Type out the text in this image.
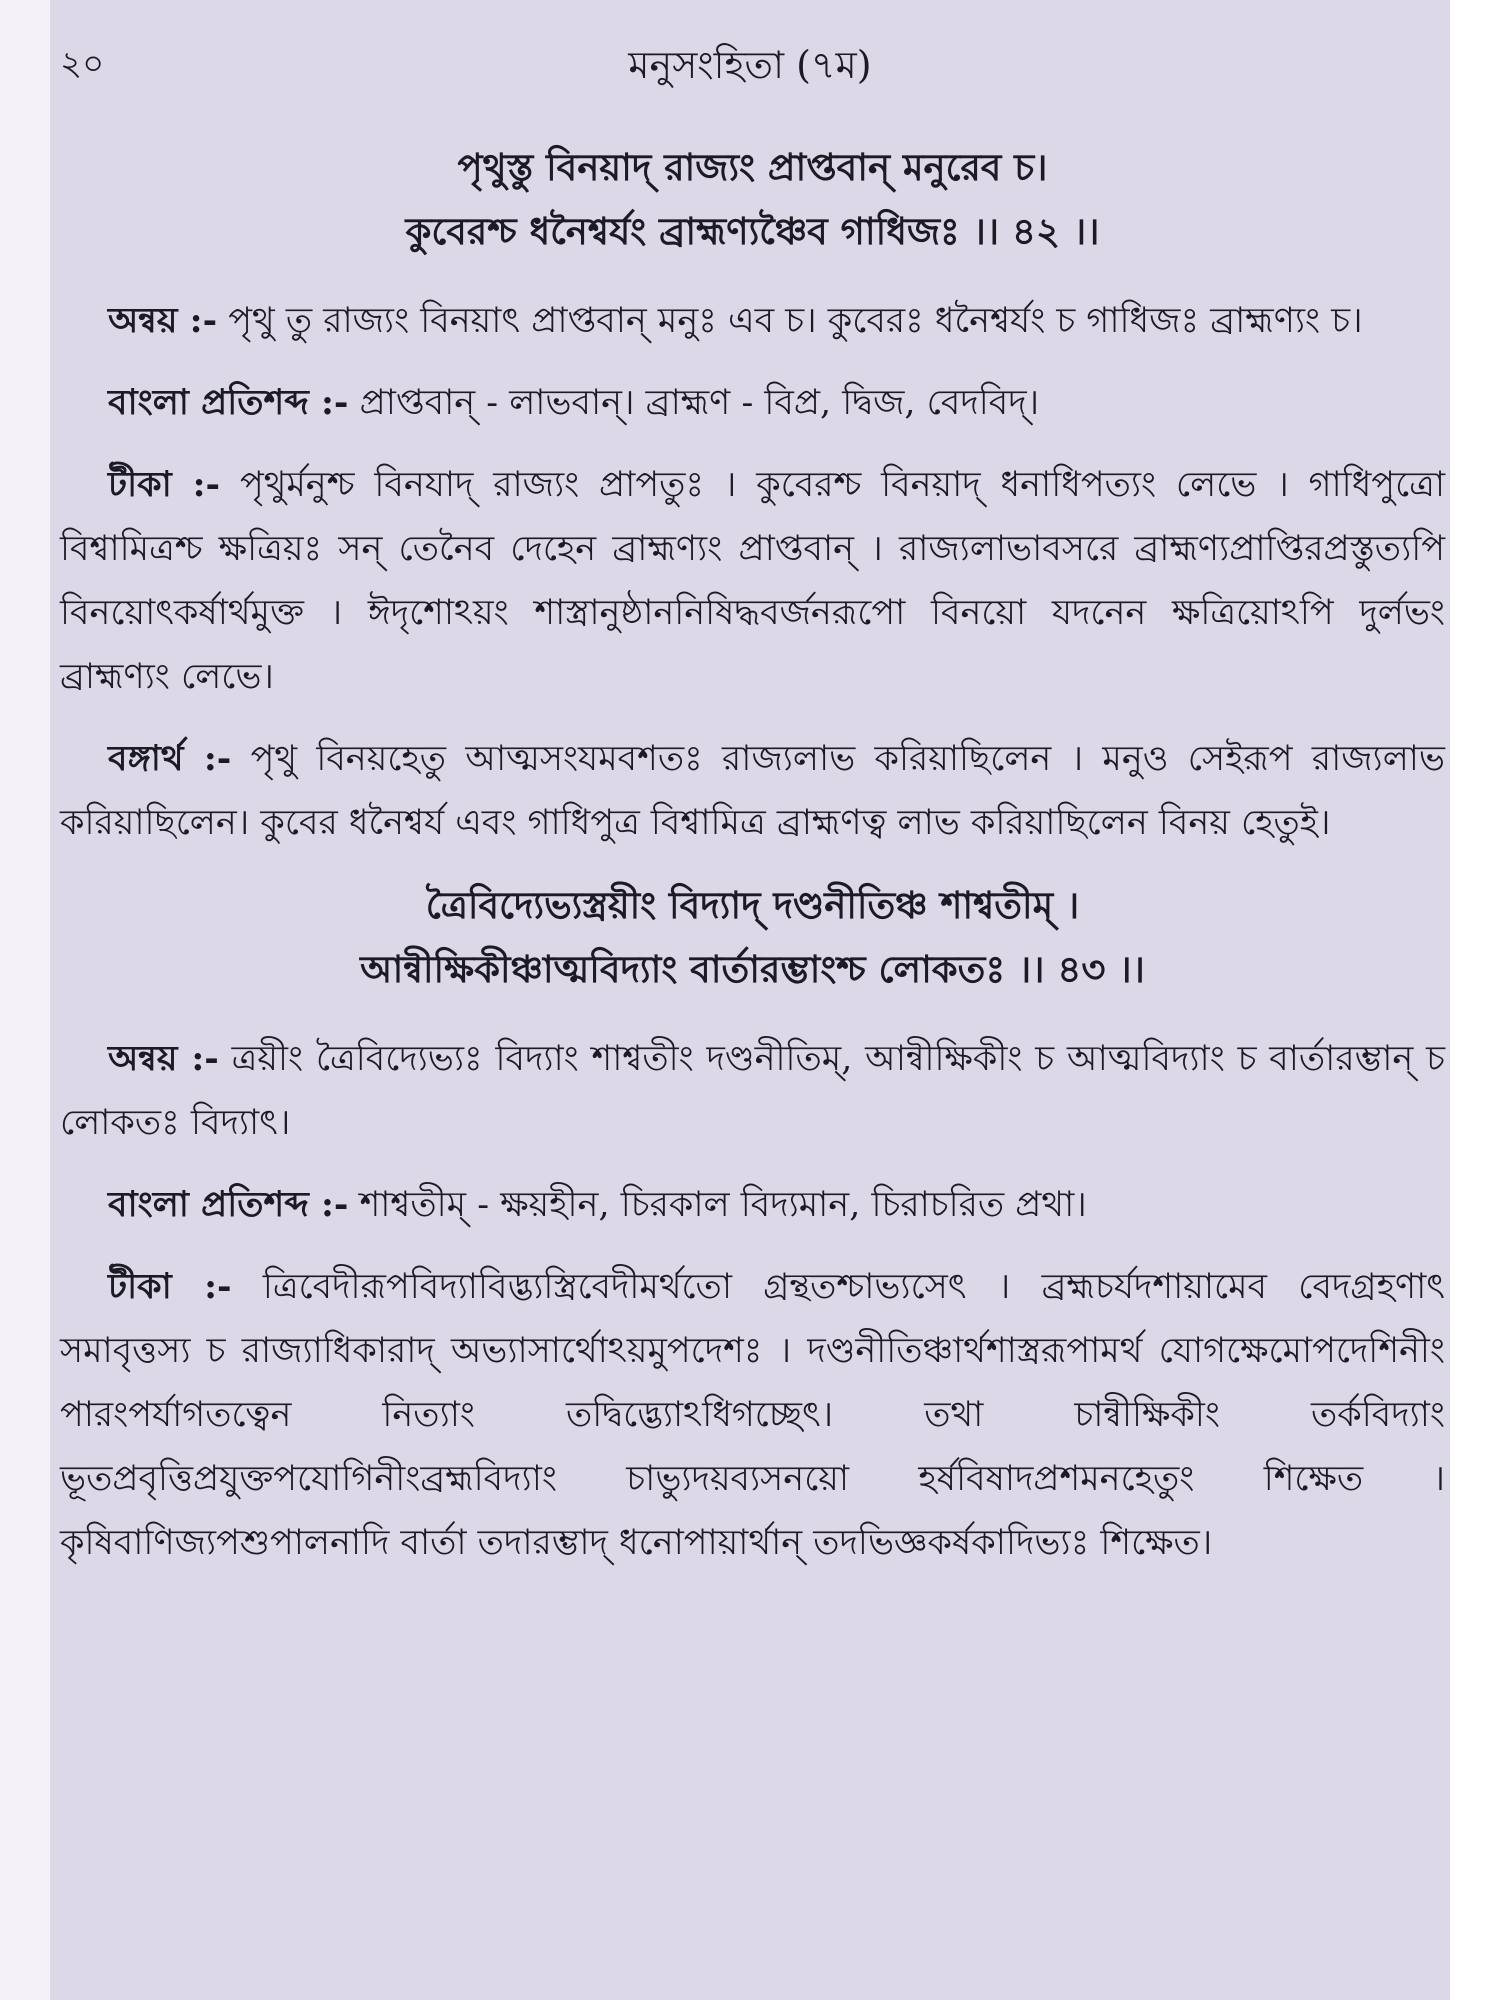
২০	মনুসংহিতা (৭ম)

পৃথুস্তু বিনয়াদ্ রাজ্যং প্রাপ্তবান্ মনুরেব চ।

কুবেরশ্চ ধনৈশ্বর্যং ব্রাহ্মণ্যঞ্চৈব গাধিজঃ ।। ৪২ ।।

অন্বয় :- পৃথু তু রাজ্যং বিনয়াৎ প্রাপ্তবান্ মনুঃ এব চ। কুবেরঃ ধনৈশ্বর্যং চ গাধিজঃ ব্রাহ্মণ্যং চ।

বাংলা প্রতিশব্দ :- প্রাপ্তবান্ - লাভবান্। ব্রাহ্মণ - বিপ্র, দ্বিজ, বেদবিদ্।

টীকা :- পৃথুর্মনুশ্চ বিনযাদ্ রাজ্যং প্রাপতুঃ । কুবেরশ্চ বিনয়াদ্ ধনাধিপত্যং লেভে । গাধিপুত্রো বিশ্বামিত্রশ্চ ক্ষত্রিয়ঃ সন্ তেনৈব দেহেন ব্রাহ্মণ্যং প্রাপ্তবান্ । রাজ্যলাভাবসরে ব্রাহ্মণ্যপ্রাপ্তিরপ্রস্তুত্যপি বিনয়োৎকর্ষার্থমুক্ত । ঈদৃশোঽয়ং শাস্ত্রানুষ্ঠাননিষিদ্ধবর্জনরূপো বিনয়ো যদনেন ক্ষত্রিয়োঽপি দুর্লভং ব্রাহ্মণ্যং লেভে।

বঙ্গার্থ :- পৃথু বিনয়হেতু আত্মসংযমবশতঃ রাজ্যলাভ করিয়াছিলেন । মনুও সেইরূপ রাজ্যলাভ করিয়াছিলেন। কুবের ধনৈশ্বর্য এবং গাধিপুত্র বিশ্বামিত্র ব্রাহ্মণত্ব লাভ করিয়াছিলেন বিনয় হেতুই।

ত্রৈবিদ্যেভ্যস্ত্রয়ীং বিদ্যাদ্ দণ্ডনীতিঞ্চ শাশ্বতীম্ ।

আন্বীক্ষিকীঞ্চাত্মবিদ্যাং বার্তারম্ভাংশ্চ লোকতঃ ।। ৪৩ ।।

অন্বয় :- ত্রয়ীং ত্রৈবিদ্যেভ্যঃ বিদ্যাং শাশ্বতীং দণ্ডনীতিম্, আন্বীক্ষিকীং চ আত্মবিদ্যাং চ বার্তারম্ভান্ চ লোকতঃ বিদ্যাৎ।

বাংলা প্রতিশব্দ :- শাশ্বতীম্ - ক্ষয়হীন, চিরকাল বিদ্যমান, চিরাচরিত প্রথা।

টীকা :- ত্রিবেদীরূপবিদ্যাবিদ্ভ্যস্ত্রিবেদীমর্থতো গ্রন্থতশ্চাভ্যসেৎ । ব্রহ্মচর্যদশায়ামেব বেদগ্রহণাৎ সমাবৃত্তস্য চ রাজ্যাধিকারাদ্ অভ্যাসার্থোঽয়মুপদেশঃ । দণ্ডনীতিঞ্চার্থশাস্ত্ররূপামর্থ যোগক্ষেমোপদেশিনীং পারংপর্যাগতত্বেন নিত্যাং তদ্বিদ্ভ্যোঽধিগচ্ছেৎ। তথা চান্বীক্ষিকীং তর্কবিদ্যাং ভূতপ্রবৃত্তিপ্রযুক্তপযোগিনীংব্রহ্মবিদ্যাং চাভ্যুদয়ব্যসনয়ো হর্ষবিষাদপ্রশমনহেতুং শিক্ষেত । কৃষিবাণিজ্যপশুপালনাদি বার্তা তদারম্ভাদ্ ধনোপায়ার্থান্ তদভিজ্ঞকর্ষকাদিভ্যঃ শিক্ষেত।
